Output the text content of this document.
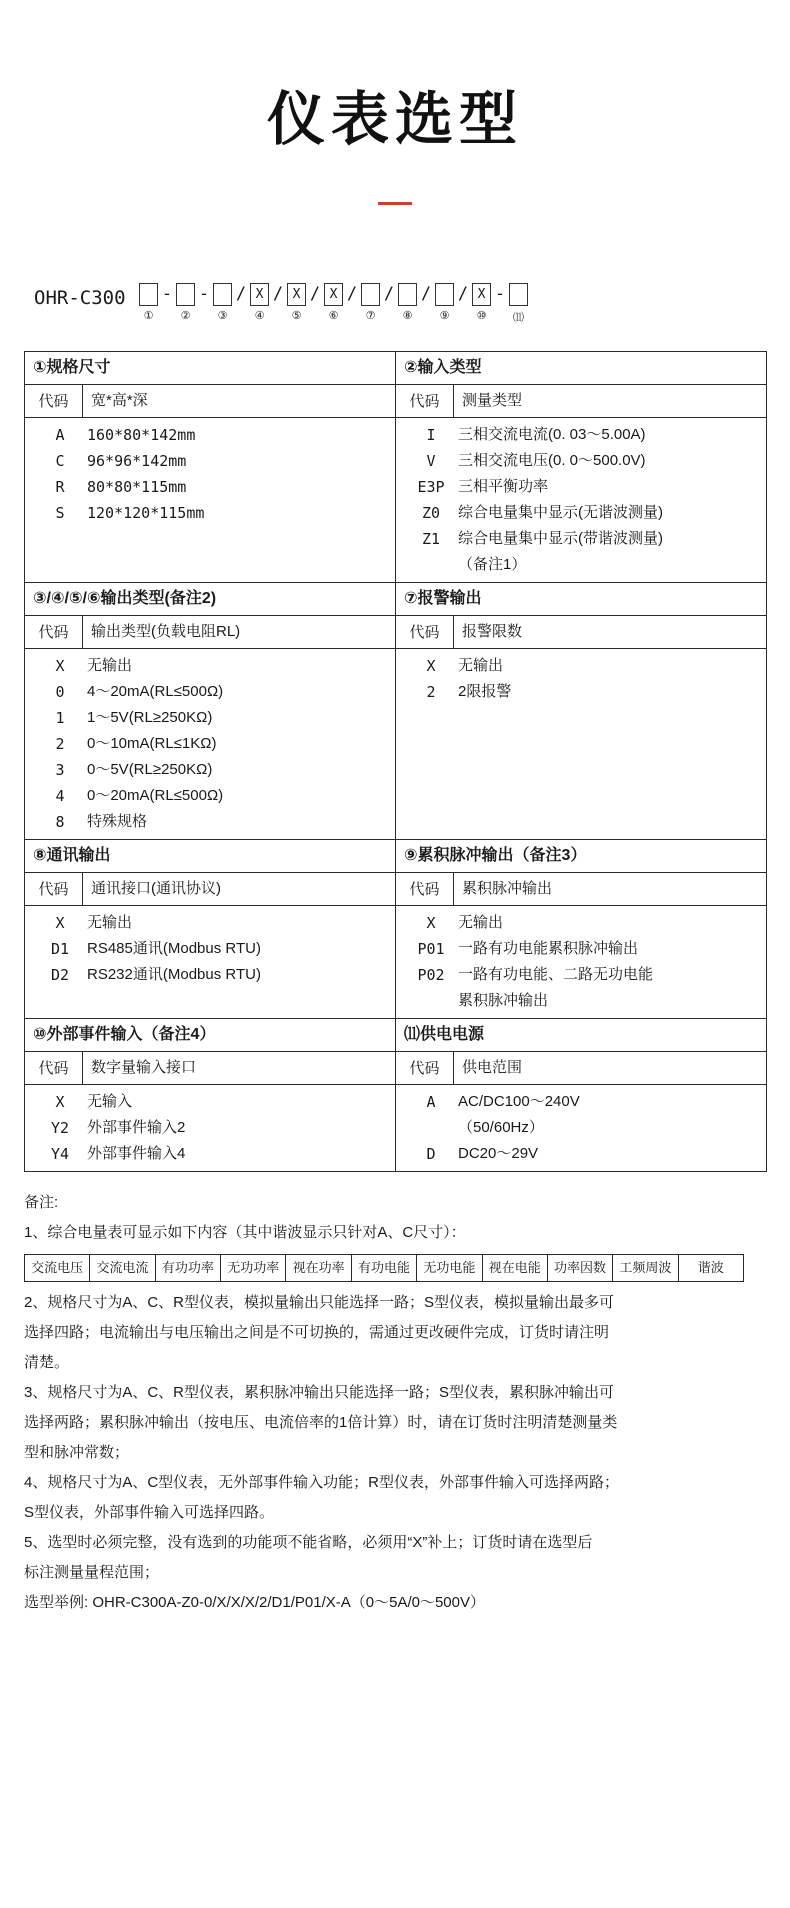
仪表选型
OHR-C300
①
-
②
-
③
/ X
④
/ X
⑤
/ X
⑥
/
⑦
/
⑧
/
⑨
/ X
⑩
-
⑾
①规格尺寸	②输入类型
代码	宽*高*深	代码	测量类型

A	160*80*142mm
C	96*96*142mm
R	80*80*115mm
S	120*120*115mm

I	三相交流电流(0. 03～5.00A)
V	三相交流电压(0. 0～500.0V)
E3P	三相平衡功率
Z0	综合电量集中显示(无谐波测量)
Z1	综合电量集中显示(带谐波测量)
	（备注1）

③/④/⑤/⑥输出类型(备注2)	⑦报警输出
代码	输出类型(负载电阻RL)	代码	报警限数

X	无输出
0	4～20mA(RL≤500Ω)
1	1～5V(RL≥250KΩ)
2	0～10mA(RL≤1KΩ)
3	0～5V(RL≥250KΩ)
4	0～20mA(RL≤500Ω)
8	特殊规格

X	无输出
2	2限报警

⑧通讯输出	⑨累积脉冲输出（备注3）
代码	通讯接口(通讯协议)	代码	累积脉冲输出

X	无输出
D1	RS485通讯(Modbus RTU)
D2	RS232通讯(Modbus RTU)

X	无输出
P01	一路有功电能累积脉冲输出
P02	一路有功电能、二路无功电能
	累积脉冲输出

⑩外部事件输入（备注4）	⑾供电电源
代码	数字量输入接口	代码	供电范围

X	无输入
Y2	外部事件输入2
Y4	外部事件输入4

A	AC/DC100～240V
	（50/60Hz）
D	DC20～29V

备注:

1、综合电量表可显示如下内容（其中谐波显示只针对A、C尺寸）：

交流电压	交流电流	有功功率	无功功率	视在功率	有功电能	无功电能	视在电能	功率因数	工频周波	谐波

2、规格尺寸为A、C、R型仪表，模拟量输出只能选择一路；S型仪表，模拟量输出最多可

选择四路；电流输出与电压输出之间是不可切换的，需通过更改硬件完成，订货时请注明

清楚。

3、规格尺寸为A、C、R型仪表，累积脉冲输出只能选择一路；S型仪表，累积脉冲输出可

选择两路；累积脉冲输出（按电压、电流倍率的1倍计算）时，请在订货时注明清楚测量类

型和脉冲常数；

4、规格尺寸为A、C型仪表，无外部事件输入功能；R型仪表，外部事件输入可选择两路；

S型仪表，外部事件输入可选择四路。

5、选型时必须完整，没有选到的功能项不能省略，必须用“X”补上；订货时请在选型后

标注测量量程范围；

选型举例: OHR-C300A-Z0-0/X/X/X/2/D1/P01/X-A（0～5A/0～500V）
